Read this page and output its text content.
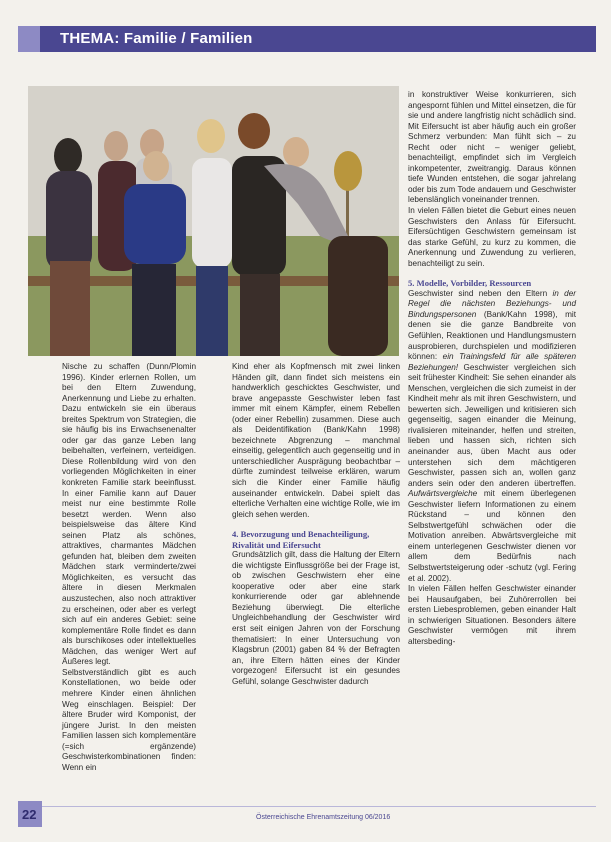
THEMA: Familie / Familien

Nische zu schaffen (Dunn/Plomin 1996). Kinder erlernen Rollen, um bei den Eltern Zuwendung, Anerkennung und Liebe zu erhalten. Dazu entwickeln sie ein überaus breites Spektrum von Strategien, die sie häufig bis ins Erwachsenenalter oder gar das ganze Leben lang beibehalten, verfeinern, verteidigen. Diese Rollenbildung wird von den vorliegenden Möglichkeiten in einer konkreten Familie stark beeinflusst. In einer Familie kann auf Dauer meist nur eine bestimmte Rolle besetzt werden. Wenn also beispielsweise das ältere Kind seinen Platz als schönes, attraktives, charmantes Mädchen gefunden hat, bleiben dem zweiten Mädchen stark verminderte/zwei Möglichkeiten, es versucht das ältere in diesen Merkmalen auszustechen, also noch attraktiver zu erscheinen, oder aber es verlegt sich auf ein anderes Gebiet: seine komplementäre Rolle findet es dann als burschikoses oder intellektuelles Mädchen, das weniger Wert auf Äußeres legt.

Selbstverständlich gibt es auch Konstellationen, wo beide oder mehrere Kinder einen ähnlichen Weg einschlagen. Beispiel: Der ältere Bruder wird Komponist, der jüngere Jurist. In den meisten Familien lassen sich komplementäre (=sich ergänzende) Geschwisterkombinationen finden: Wenn ein

Kind eher als Kopfmensch mit zwei linken Händen gilt, dann findet sich meistens ein handwerklich geschicktes Geschwister, und brave angepasste Geschwister leben fast immer mit einem Kämpfer, einem Rebellen (oder einer Rebellin) zusammen. Diese auch als Deidentifikation (Bank/Kahn 1998) bezeichnete Abgrenzung – manchmal einseitig, gelegentlich auch gegenseitig und in unterschiedlicher Ausprägung beobachtbar – dürfte zumindest teilweise erklären, warum sich die Kinder einer Familie häufig auseinander entwickeln. Dabei spielt das elterliche Verhalten eine wichtige Rolle, wie im gleich sehen werden.

4. Bevorzugung und Benachteiligung, Rivalität und Eifersucht

Grundsätzlich gilt, dass die Haltung der Eltern die wichtigste Einflussgröße bei der Frage ist, ob zwischen Geschwistern eher eine kooperative oder aber eine stark konkurrierende oder gar ablehnende Beziehung überwiegt. Die elterliche Ungleichbehandlung der Geschwister wird erst seit einigen Jahren von der Forschung thematisiert: In einer Untersuchung von Klagsbrun (2001) gaben 84 % der Befragten an, ihre Eltern hätten eines der Kinder vorgezogen! Eifersucht ist ein gesundes Gefühl, solange Geschwister dadurch

in konstruktiver Weise konkurrieren, sich angespornt fühlen und Mittel einsetzen, die für sie und andere langfristig nicht schädlich sind. Mit Eifersucht ist aber häufig auch ein großer Schmerz verbunden: Man fühlt sich – zu Recht oder nicht – weniger geliebt, benachteiligt, empfindet sich im Vergleich inkompetenter, zweitrangig. Daraus können tiefe Wunden entstehen, die sogar jahrelang oder bis zum Tode andauern und Geschwister lebenslänglich voneinander trennen.

In vielen Fällen bietet die Geburt eines neuen Geschwisters den Anlass für Eifersucht. Eifersüchtigen Geschwistern gemeinsam ist das starke Gefühl, zu kurz zu kommen, die Anerkennung und Zuwendung zu verlieren, benachteiligt zu sein.

5. Modelle, Vorbilder, Ressourcen

Geschwister sind neben den Eltern in der Regel die nächsten Beziehungs- und Bindungspersonen (Bank/Kahn 1998), mit denen sie die ganze Bandbreite von Gefühlen, Reaktionen und Handlungsmustern ausprobieren, durchspielen und modifizieren können: ein Trainingsfeld für alle späteren Beziehungen! Geschwister vergleichen sich seit frühester Kindheit: Sie sehen einander als Menschen, vergleichen die sich zumeist in der Kindheit mehr als mit ihren Geschwistern, und bewerten sich. Jeweiligen und kritisieren sich gegenseitig, sagen einander die Meinung, rivalisieren miteinander, helfen und streiten, lieben und hassen sich, richten sich aneinander aus, üben Macht aus oder unterstehen sich dem mächtigeren Geschwister, passen sich an, wollen ganz anders sein oder den anderen übertreffen. Aufwärtsvergleiche mit einem überlegenen Geschwister liefern Informationen zu einem Rückstand – und können den Selbstwertgefühl schwächen oder die Motivation anreiben. Abwärtsvergleiche mit einem unterlegenen Geschwister dienen vor allem dem Bedürfnis nach Selbstwertsteigerung oder -schutz (vgl. Fering et al. 2002).

In vielen Fällen helfen Geschwister einander bei Hausaufgaben, bei Zuhörerrollen bei ersten Liebesproblemen, geben einander Halt in schwierigen Situationen. Besonders ältere Geschwister vermögen mit ihrem altersbeding-

22	Österreichische Ehrenamtszeitung 06/2016
